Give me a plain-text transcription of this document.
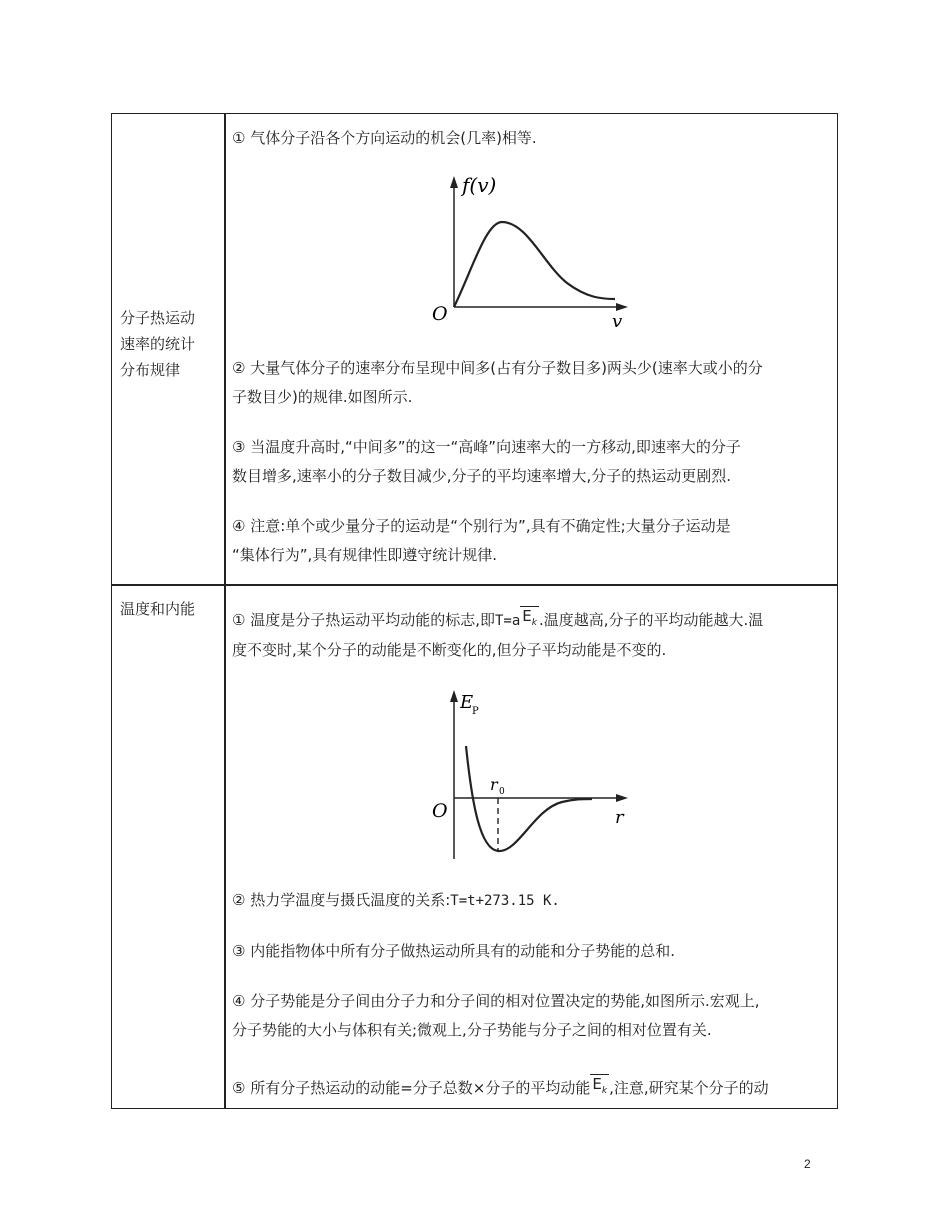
分子热运动
速率的统计
分布规律
① 气体分子沿各个方向运动的机会(几率)相等.
f(v)
v
O
② 大量气体分子的速率分布呈现中间多(占有分子数目多)两头少(速率大或小的分
子数目少)的规律.如图所示.
③ 当温度升高时,“中间多”的这一“高峰”向速率大的一方移动,即速率大的分子
数目增多,速率小的分子数目减少,分子的平均速率增大,分子的热运动更剧烈.
④ 注意:单个或少量分子的运动是“个别行为”,具有不确定性;大量分子运动是
“集体行为”,具有规律性即遵守统计规律.
温度和内能
① 温度是分子热运动平均动能的标志,即T=a $E_k$ .温度越高,分子的平均动能越大.温
度不变时,某个分子的动能是不断变化的,但分子平均动能是不变的.
E
P
r
O
r 0
② 热力学温度与摄氏温度的关系:T=t+273.15 K.
③ 内能指物体中所有分子做热运动所具有的动能和分子势能的总和.
④ 分子势能是分子间由分子力和分子间的相对位置决定的势能,如图所示.宏观上,
分子势能的大小与体积有关;微观上,分子势能与分子之间的相对位置有关.
⑤ 所有分子热运动的动能=分子总数×分子的平均动能 $E_k$ ,注意,研究某个分子的动
2
